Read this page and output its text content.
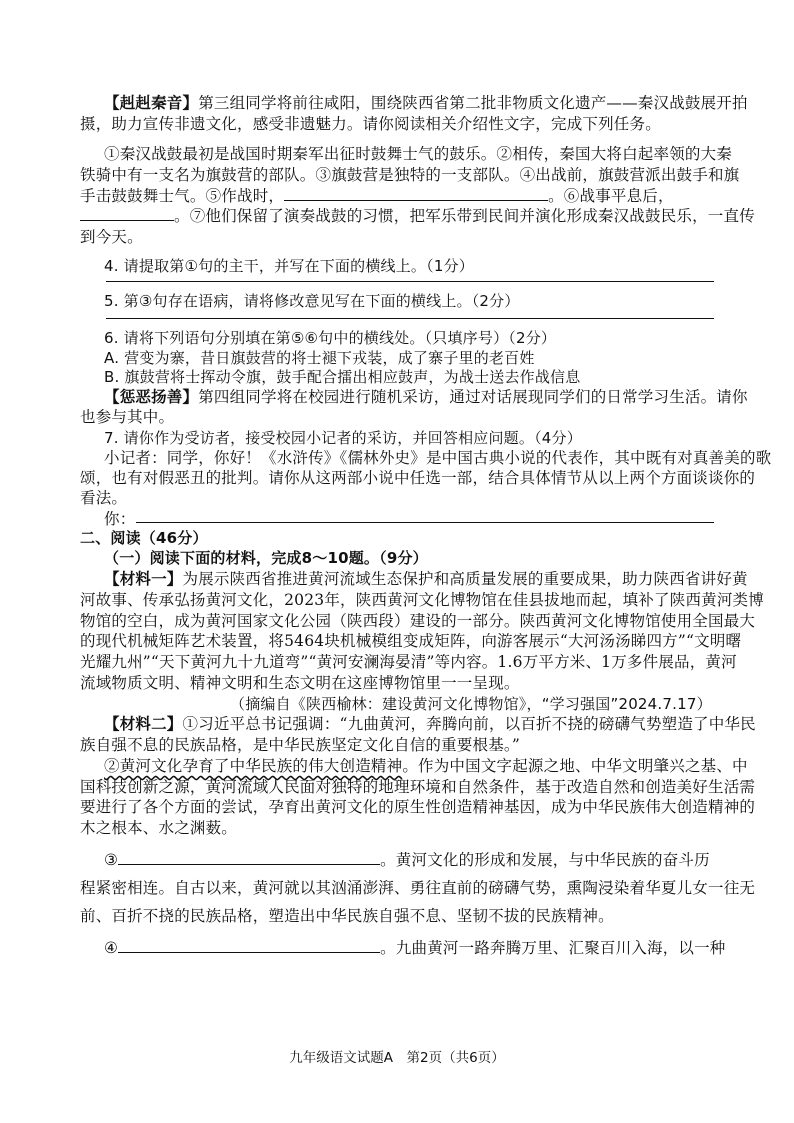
【赳赳秦音】第三组同学将前往咸阳，围绕陕西省第二批非物质文化遗产——秦汉战鼓展开拍
摄，助力宣传非遗文化，感受非遗魅力。请你阅读相关介绍性文字，完成下列任务。
①秦汉战鼓最初是战国时期秦军出征时鼓舞士气的鼓乐。②相传，秦国大将白起率领的大秦
铁骑中有一支名为旗鼓营的部队。③旗鼓营是独特的一支部队。④出战前，旗鼓营派出鼓手和旗
手击鼓鼓舞士气。⑤作战时，	。⑥战事平息后，
。⑦他们保留了演奏战鼓的习惯，把军乐带到民间并演化形成秦汉战鼓民乐，一直传
到今天。
4. 请提取第①句的主干，并写在下面的横线上。（1分）
5. 第③句存在语病，请将修改意见写在下面的横线上。（2分）
6. 请将下列语句分别填在第⑤⑥句中的横线处。（只填序号）（2分）
A. 营变为寨，昔日旗鼓营的将士褪下戎装，成了寨子里的老百姓
B. 旗鼓营将士挥动令旗，鼓手配合擂出相应鼓声，为战士送去作战信息
【惩恶扬善】第四组同学将在校园进行随机采访，通过对话展现同学们的日常学习生活。请你
也参与其中。
7. 请你作为受访者，接受校园小记者的采访，并回答相应问题。（4分）
小记者：同学，你好！《水浒传》《儒林外史》是中国古典小说的代表作，其中既有对真善美的歌
颂，也有对假恶丑的批判。请你从这两部小说中任选一部，结合具体情节从以上两个方面谈谈你的
看法。
你：
二、阅读（46分）
（一）阅读下面的材料，完成8～10题。（9分）
【材料一】为展示陕西省推进黄河流域生态保护和高质量发展的重要成果，助力陕西省讲好黄
河故事、传承弘扬黄河文化，2023年，陕西黄河文化博物馆在佳县拔地而起，填补了陕西黄河类博
物馆的空白，成为黄河国家文化公园（陕西段）建设的一部分。陕西黄河文化博物馆使用全国最大
的现代机械矩阵艺术装置，将5464块机械模组变成矩阵，向游客展示“大河汤汤睇四方”“文明曙
光耀九州”“天下黄河九十九道弯”“黄河安澜海晏清”等内容。1.6万平方米、1万多件展品，黄河
流域物质文明、精神文明和生态文明在这座博物馆里一一呈现。
（摘编自《陕西榆林：建设黄河文化博物馆》，“学习强国”2024.7.17）
【材料二】①习近平总书记强调：“九曲黄河，奔腾向前，以百折不挠的磅礴气势塑造了中华民
族自强不息的民族品格，是中华民族坚定文化自信的重要根基。”
②黄河文化孕育了中华民族的伟大创造精神。作为中国文字起源之地、中华文明肇兴之基、中
国科技创新之源，黄河流域人民面对独特的地理环境和自然条件，基于改造自然和创造美好生活需
要进行了各个方面的尝试，孕育出黄河文化的原生性创造精神基因，成为中华民族伟大创造精神的
木之根本、水之渊薮。
③	。黄河文化的形成和发展，与中华民族的奋斗历
程紧密相连。自古以来，黄河就以其汹涌澎湃、勇往直前的磅礴气势，熏陶浸染着华夏儿女一往无
前、百折不挠的民族品格，塑造出中华民族自强不息、坚韧不拔的民族精神。
④	。九曲黄河一路奔腾万里、汇聚百川入海，以一种
九年级语文试题A　第2页（共6页）
